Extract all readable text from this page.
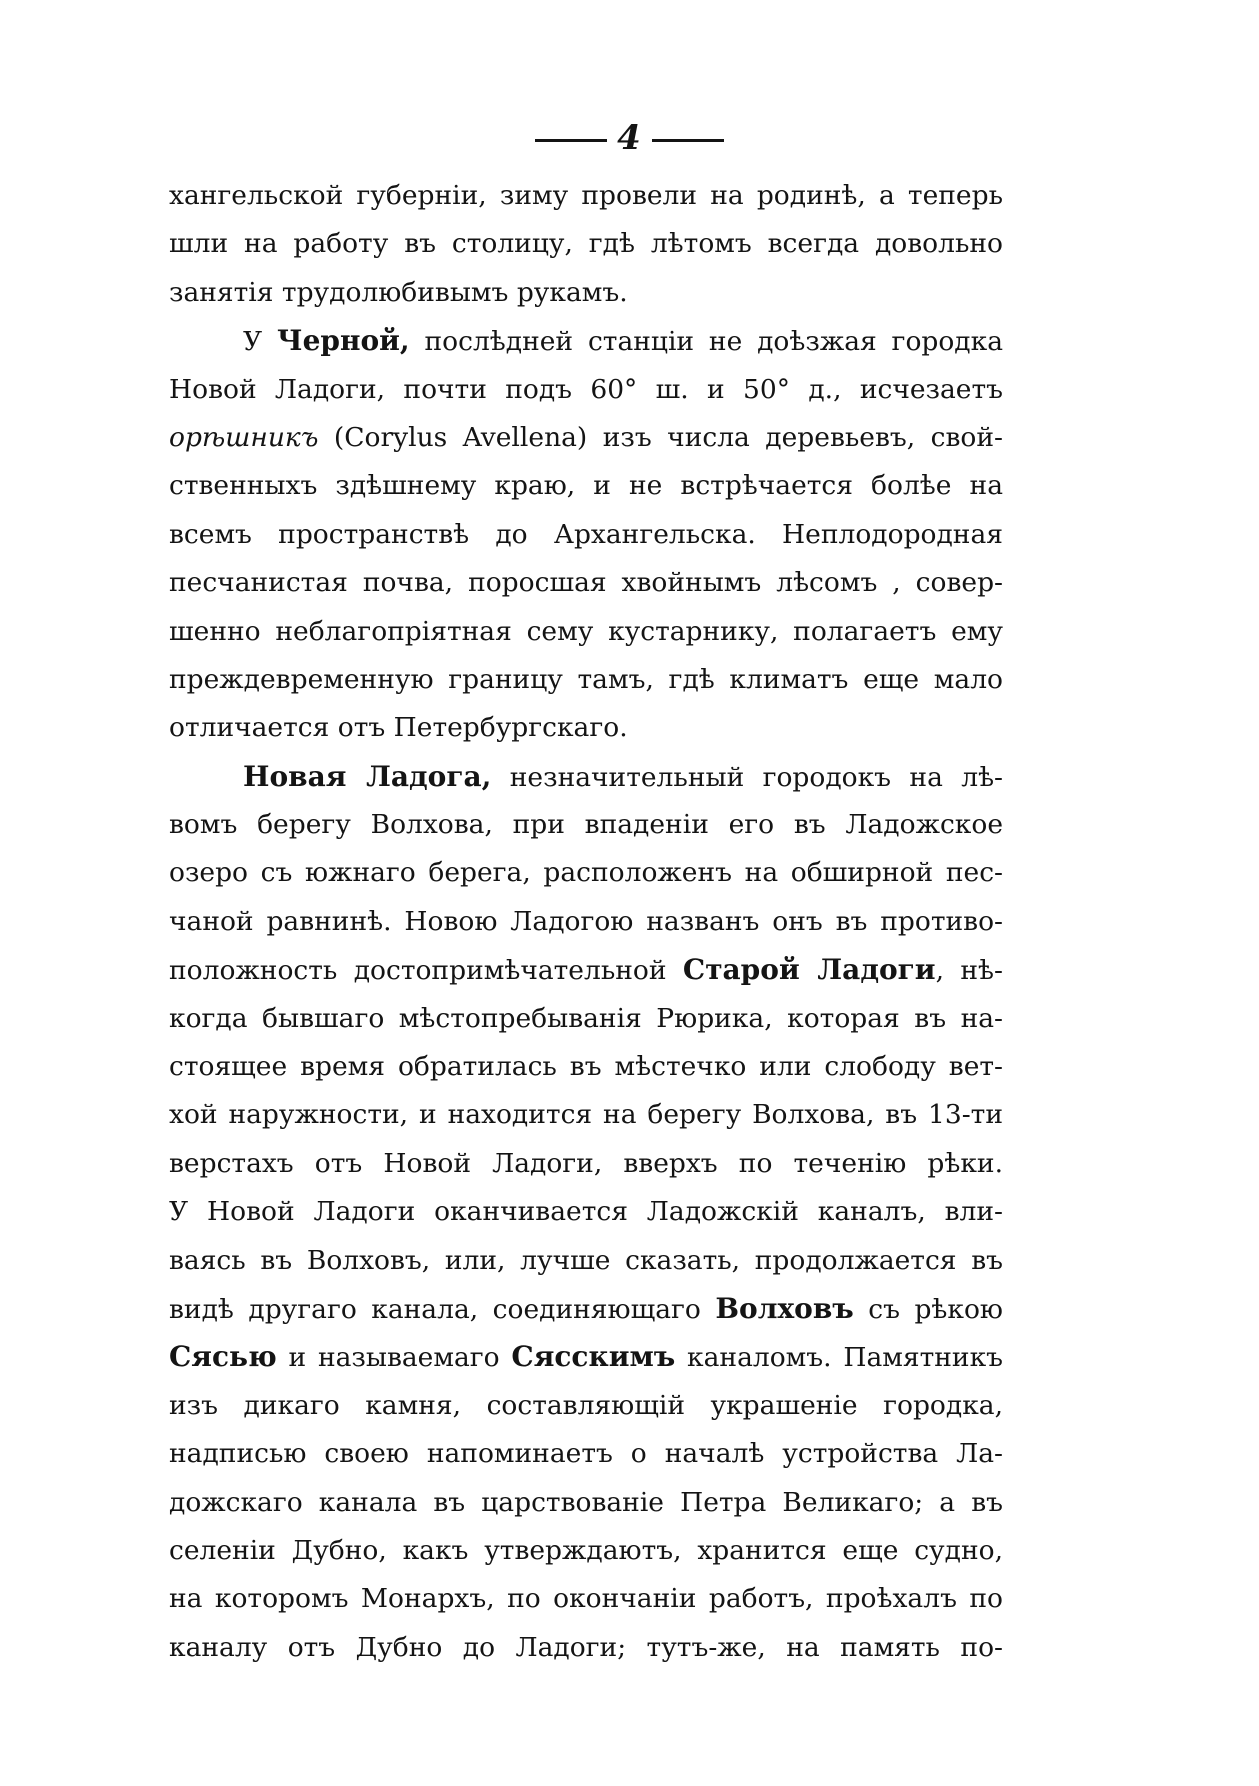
4
хангельской губерніи, зиму провели на родинѣ, а теперь
шли на работу въ столицу, гдѣ лѣтомъ всегда довольно
занятія трудолюбивымъ рукамъ.
У Черной, послѣдней станціи не доѣзжая городка
Новой Ладоги, почти подъ 60° ш. и 50° д., исчезаетъ
орѣшникъ (Corylus Avellena) изъ числа деревьевъ, свой-
ственныхъ здѣшнему краю, и не встрѣчается болѣе на
всемъ пространствѣ до Архангельска. Неплодородная
песчанистая почва, поросшая хвойнымъ лѣсомъ , совер-
шенно неблагопріятная сему кустарнику, полагаетъ ему
преждевременную границу тамъ, гдѣ климатъ еще мало
отличается отъ Петербургскаго.
Новая Ладога, незначительный городокъ на лѣ-
вомъ берегу Волхова, при впаденіи его въ Ладожское
озеро съ южнаго берега, расположенъ на обширной пес-
чаной равнинѣ. Новою Ладогою названъ онъ въ противо-
положность достопримѣчательной Старой Ладоги, нѣ-
когда бывшаго мѣстопребыванія Рюрика, которая въ на-
стоящее время обратилась въ мѣстечко или слободу вет-
хой наружности, и находится на берегу Волхова, въ 13-ти
верстахъ отъ Новой Ладоги, вверхъ по теченію рѣки.
У Новой Ладоги оканчивается Ладожскій каналъ, вли-
ваясь въ Волховъ, или, лучше сказать, продолжается въ
видѣ другаго канала, соединяющаго Волховъ съ рѣкою
Сясью и называемаго Сясскимъ каналомъ. Памятникъ
изъ дикаго камня, составляющій украшеніе городка,
надписью своею напоминаетъ о началѣ устройства Ла-
дожскаго канала въ царствованіе Петра Великаго; а въ
селеніи Дубно, какъ утверждаютъ, хранится еще судно,
на которомъ Монархъ, по окончаніи работъ, проѣхалъ по
каналу отъ Дубно до Ладоги; тутъ-же, на память по-
